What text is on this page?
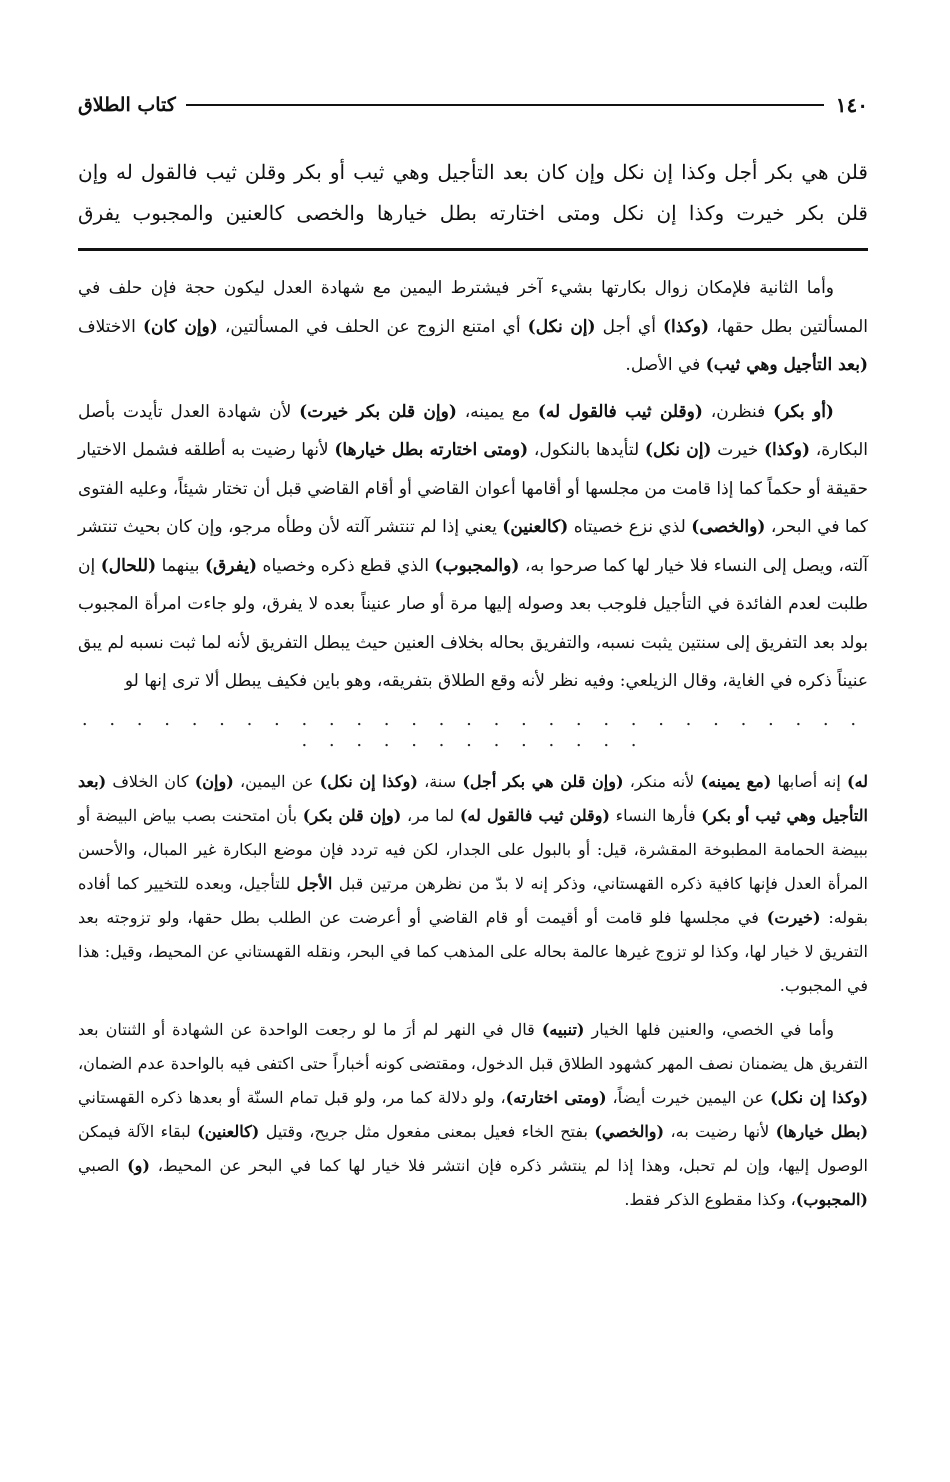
١٤٠
كتاب الطلاق

قلن هي بكر أجل وكذا إن نكل وإن كان بعد التأجيل وهي ثيب أو بكر وقلن ثيب فالقول له وإن

قلن بكر خيرت وكذا إن نكل ومتى اختارته بطل خيارها والخصى كالعنين والمجبوب يفرق

وأما الثانية فلإمكان زوال بكارتها بشيء آخر فيشترط اليمين مع شهادة العدل ليكون حجة فإن حلف في المسألتين بطل حقها، (وكذا) أي أجل (إن نكل) أي امتنع الزوج عن الحلف في المسألتين، (وإن كان) الاختلاف (بعد التأجيل وهي ثيب) في الأصل.

(أو بكر) فنظرن، (وقلن ثيب فالقول له) مع يمينه، (وإن قلن بكر خيرت) لأن شهادة العدل تأيدت بأصل البكارة، (وكذا) خيرت (إن نكل) لتأيدها بالنكول، (ومتى اختارته بطل خيارها) لأنها رضيت به أطلقه فشمل الاختيار حقيقة أو حكماً كما إذا قامت من مجلسها أو أقامها أعوان القاضي أو أقام القاضي قبل أن تختار شيئاً، وعليه الفتوى كما في البحر، (والخصى) لذي نزع خصيتاه (كالعنين) يعني إذا لم تنتشر آلته لأن وطأه مرجو، وإن كان بحيث تنتشر آلته، ويصل إلى النساء فلا خيار لها كما صرحوا به، (والمجبوب) الذي قطع ذكره وخصياه (يفرق) بينهما (للحال) إن طلبت لعدم الفائدة في التأجيل فلوجب بعد وصوله إليها مرة أو صار عنيناً بعده لا يفرق، ولو جاءت امرأة المجبوب بولد بعد التفريق إلى سنتين يثبت نسبه، والتفريق بحاله بخلاف العنين حيث يبطل التفريق لأنه لما ثبت نسبه لم يبق عنيناً ذكره في الغاية، وقال الزيلعي: وفيه نظر لأنه وقع الطلاق بتفريقه، وهو باين فكيف يبطل ألا ترى إنها لو

. . . . . . . . . . . . . . . . . . . . . . . . . . . . . . . . . . . . . . . . . .

له) إنه أصابها (مع يمينه) لأنه منكر، (وإن قلن هي بكر أجل) سنة، (وكذا إن نكل) عن اليمين، (وإن) كان الخلاف (بعد التأجيل وهي ثيب أو بكر) فأرها النساء (وقلن ثيب فالقول له) لما مر، (وإن قلن بكر) بأن امتحنت بصب بياض البيضة أو ببيضة الحمامة المطبوخة المقشرة، قيل: أو بالبول على الجدار، لكن فيه تردد فإن موضع البكارة غير المبال، والأحسن المرأة العدل فإنها كافية ذكره القهستاني، وذكر إنه لا بدّ من نظرهن مرتين قبل الأجل للتأجيل، وبعده للتخيير كما أفاده بقوله: (خيرت) في مجلسها فلو قامت أو أقيمت أو قام القاضي أو أعرضت عن الطلب بطل حقها، ولو تزوجته بعد التفريق لا خيار لها، وكذا لو تزوج غيرها عالمة بحاله على المذهب كما في البحر، ونقله القهستاني عن المحيط، وقيل: هذا في المجبوب.

وأما في الخصي، والعنين فلها الخيار (تنبيه) قال في النهر لم أرَ ما لو رجعت الواحدة عن الشهادة أو الثنتان بعد التفريق هل يضمنان نصف المهر كشهود الطلاق قبل الدخول، ومقتضى كونه أخباراً حتى اكتفى فيه بالواحدة عدم الضمان، (وكذا إن نكل) عن اليمين خيرت أيضاً، (ومتى اختارته)، ولو دلالة كما مر، ولو قبل تمام السنّة أو بعدها ذكره القهستاني (بطل خيارها) لأنها رضيت به، (والخصي) بفتح الخاء فعيل بمعنى مفعول مثل جريح، وقتيل (كالعنين) لبقاء الآلة فيمكن الوصول إليها، وإن لم تحبل، وهذا إذا لم ينتشر ذكره فإن انتشر فلا خيار لها كما في البحر عن المحيط، (و) الصبي (المجبوب)، وكذا مقطوع الذكر فقط.
